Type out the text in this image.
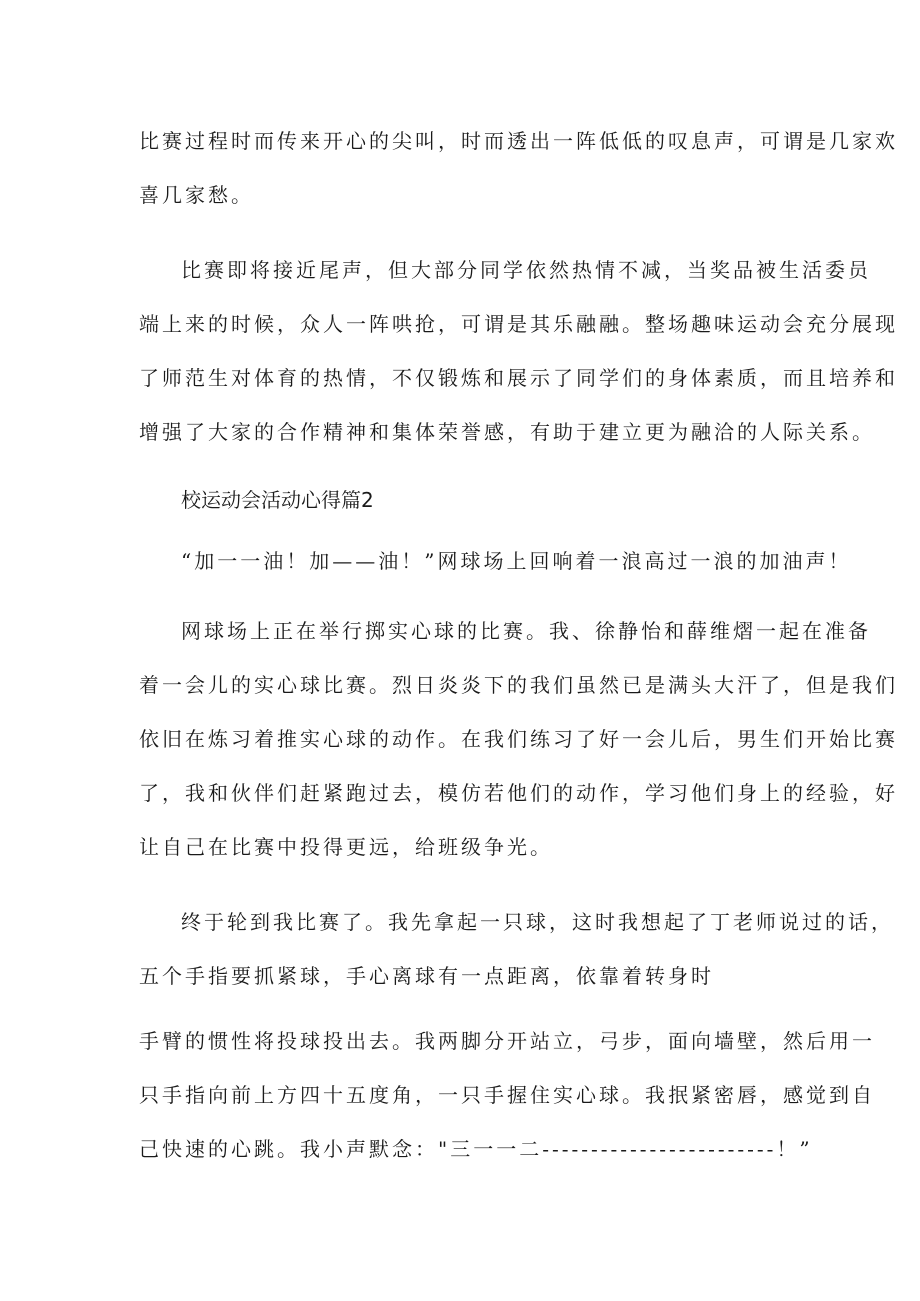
比赛过程时而传来开心的尖叫，时而透出一阵低低的叹息声，可谓是几家欢

喜几家愁。

比赛即将接近尾声，但大部分同学依然热情不减，当奖品被生活委员

端上来的时候，众人一阵哄抢，可谓是其乐融融。整场趣味运动会充分展现

了师范生对体育的热情，不仅锻炼和展示了同学们的身体素质，而且培养和

增强了大家的合作精神和集体荣誉感，有助于建立更为融洽的人际关系。

校运动会活动心得篇2

“加一一油！加——油！”网球场上回响着一浪高过一浪的加油声！

网球场上正在举行掷实心球的比赛。我、徐静怡和薛维熠一起在准备

着一会儿的实心球比赛。烈日炎炎下的我们虽然已是满头大汗了，但是我们

依旧在炼习着推实心球的动作。在我们练习了好一会儿后，男生们开始比赛

了，我和伙伴们赶紧跑过去，模仿若他们的动作，学习他们身上的经验，好

让自己在比赛中投得更远，给班级争光。

终于轮到我比赛了。我先拿起一只球，这时我想起了丁老师说过的话，

五个手指要抓紧球，手心离球有一点距离，依靠着转身时

手臂的惯性将投球投出去。我两脚分开站立，弓步，面向墙壁，然后用一

只手指向前上方四十五度角，一只手握住实心球。我抿紧密唇，感觉到自

己快速的心跳。我小声默念："三一一二------------------------！”
